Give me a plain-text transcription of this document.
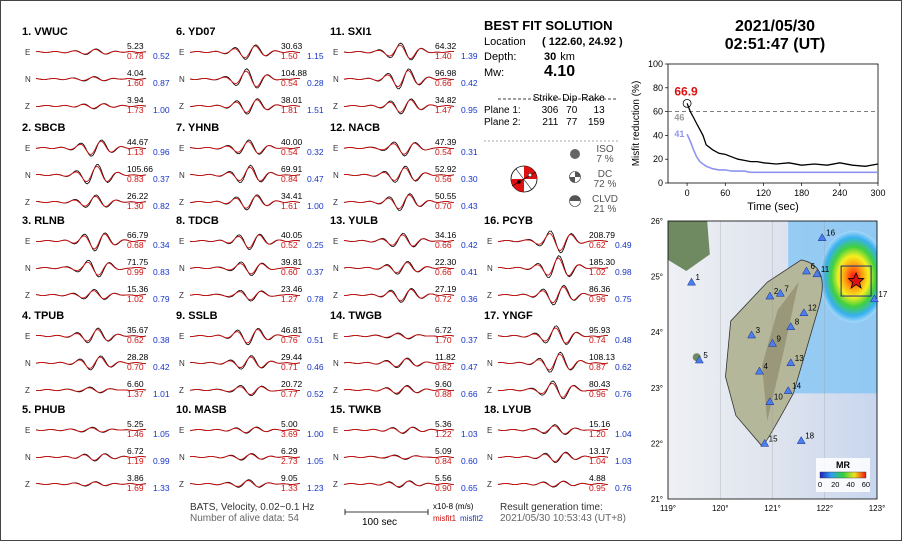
1. VWUC
E
5.23
0.78 0.52
N
4.04
1.60 0.87
Z
3.94
1.73 1.00
2. SBCB
E
44.67
1.13 0.96
N
105.66
0.83 0.37
Z
26.22
1.30 0.82
3. RLNB
E
66.79
0.68 0.34
N
71.75
0.99 0.83
Z
15.36
1.02 0.79
4. TPUB
E
35.67
0.62 0.38
N
28.28
0.70 0.42
Z
6.60
1.37 1.01
5. PHUB
E
5.25
1.46 1.05
N
6.72
1.19 0.99
Z
3.86
1.69 1.33
6. YD07
E
30.63
1.50 1.15
N
104.88
0.54 0.28
Z
38.01
1.81 1.51
7. YHNB
E
40.00
0.54 0.32
N
69.91
0.84 0.47
Z
34.41
1.61 1.00
8. TDCB
E
40.05
0.52 0.25
N
39.81
0.60 0.37
Z
23.46
1.27 0.78
9. SSLB
E
46.81
0.76 0.51
N
29.44
0.71 0.46
Z
20.72
0.77 0.52
10. MASB
E
5.00
3.69 1.00
N
6.29
2.73 1.05
Z
9.05
1.33 1.23
11. SXI1
E
64.32
1.40 1.39
N
96.98
0.66 0.42
Z
34.82
1.47 0.95
12. NACB
E
47.39
0.54 0.31
N
52.92
0.56 0.30
Z
50.55
0.70 0.43
13. YULB
E
34.16
0.66 0.42
N
22.30
0.66 0.41
Z
27.19
0.72 0.36
14. TWGB
E
6.72
1.70 0.37
N
11.82
0.82 0.47
Z
9.60
0.88 0.66
15. TWKB
E
5.36
1.22 1.03
N
5.09
0.84 0.60
Z
5.56
0.90 0.65
16. PCYB
E
208.79
0.62 0.49
N
185.30
1.02 0.98
Z
86.36
0.96 0.75
17. YNGF
E
95.93
0.74 0.48
N
108.13
0.87 0.62
Z
80.43
0.96 0.76
18. LYUB
E
15.16
1.20 1.04
N
13.17
1.04 1.03
Z
4.88
0.95 0.76
0
20
40
60
80
100
0	60	120	180	240	300
Time (sec)
Misfit reduction (%)	66.9
46
41
119°	120°	121°	122°	123°
21°
22°
23°
24°
25°
26°
1
2
3
4
5
6
7
8
9
10
11
12
13
14
15
16
17
18
MR
0 20 40 60
BEST FIT SOLUTION
Location	( 122.60, 24.92 )
Depth:	30 km
Mw:	4.10
	Strike	Dip	Rake
Plane 1:	306	70	13
Plane 2:	211	77	159
ISO
7 %
DC
72 %
CLVD
21 %
2021/05/30
02:51:47 (UT)
BATS, Velocity, 0.02~0.1 Hz
Number of alive data: 54	100 sec
x10-8 (m/s)
misfit1 misfit2
Result generation time:
2021/05/30 10:53:43 (UT+8)
